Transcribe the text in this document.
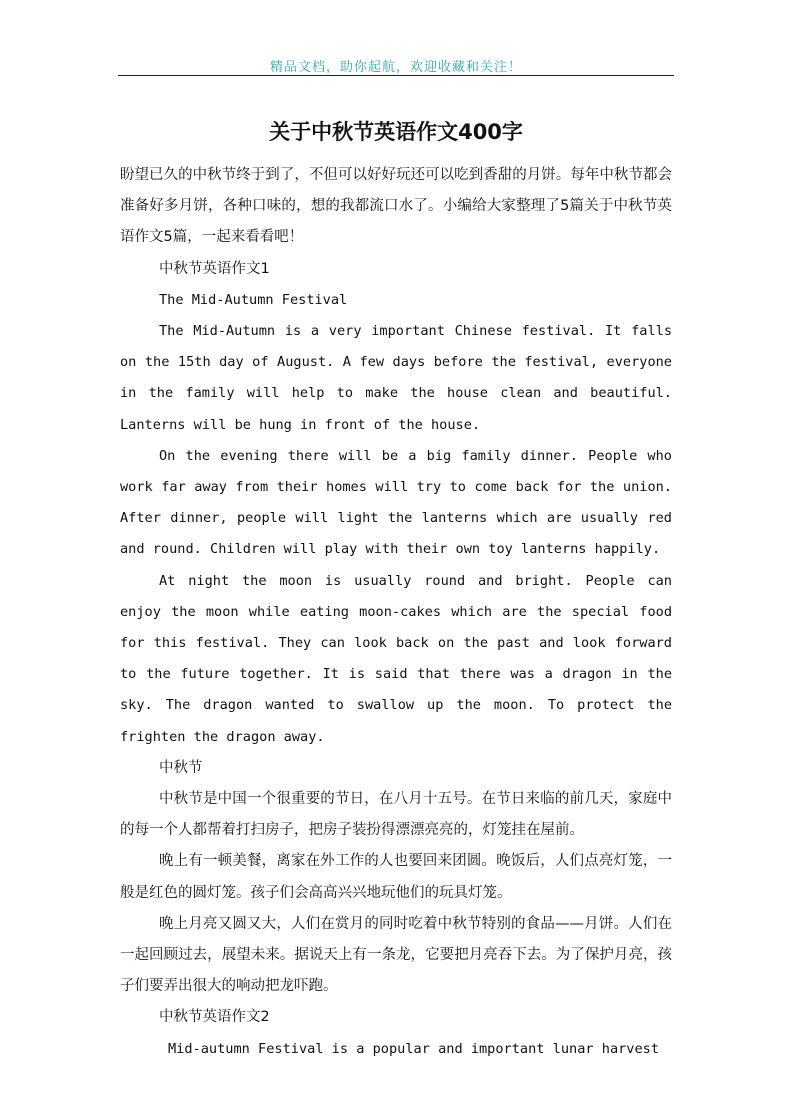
精品文档，助你起航，欢迎收藏和关注！
关于中秋节英语作文400字

盼望已久的中秋节终于到了，不但可以好好玩还可以吃到香甜的月饼。每年中秋节都会准备好多月饼，各种口味的，想的我都流口水了。小编给大家整理了5篇关于中秋节英语作文5篇，一起来看看吧！

中秋节英语作文1

The Mid-Autumn Festival

The Mid-Autumn is a very important Chinese festival. It falls on the 15th day of August. A few days before the festival, everyone in the family will help to make the house clean and beautiful. Lanterns will be hung in front of the house.

On the evening there will be a big family dinner. People who work far away from their homes will try to come back for the union. After dinner, people will light the lanterns which are usually red and round. Children will play with their own toy lanterns happily.

At night the moon is usually round and bright. People can enjoy the moon while eating moon-cakes which are the special food for this festival. They can look back on the past and look forward to the future together. It is said that there was a dragon in the sky. The dragon wanted to swallow up the moon. To protect the frighten the dragon away.

中秋节

中秋节是中国一个很重要的节日，在八月十五号。在节日来临的前几天，家庭中的每一个人都帮着打扫房子，把房子装扮得漂漂亮亮的，灯笼挂在屋前。

晚上有一顿美餐，离家在外工作的人也要回来团圆。晚饭后，人们点亮灯笼，一般是红色的圆灯笼。孩子们会高高兴兴地玩他们的玩具灯笼。

晚上月亮又圆又大，人们在赏月的同时吃着中秋节特别的食品——月饼。人们在一起回顾过去，展望未来。据说天上有一条龙，它要把月亮吞下去。为了保护月亮，孩子们要弄出很大的响动把龙吓跑。

中秋节英语作文2

Mid-autumn Festival is a popular and important lunar harvest
